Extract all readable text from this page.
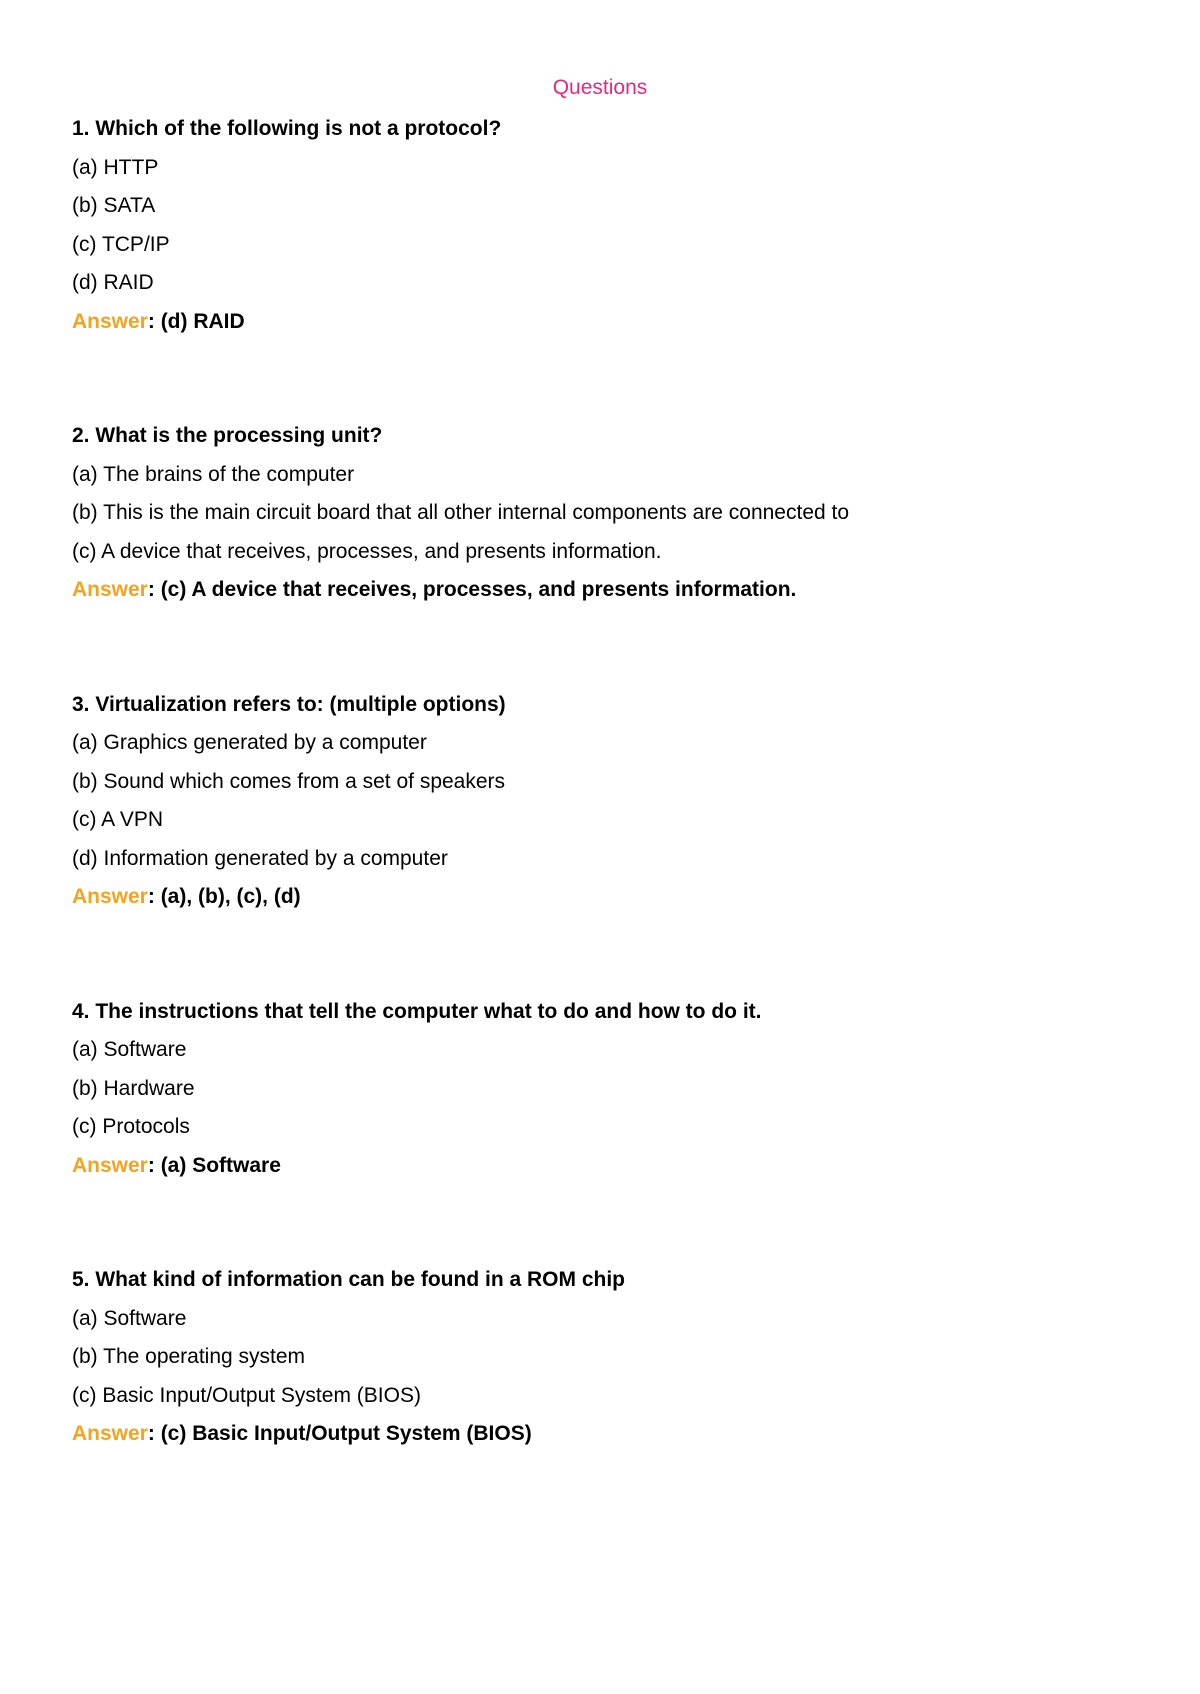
Questions
1. Which of the following is not a protocol?
(a) HTTP
(b) SATA
(c) TCP/IP
(d) RAID
Answer: (d) RAID
2. What is the processing unit?
(a) The brains of the computer
(b) This is the main circuit board that all other internal components are connected to
(c) A device that receives, processes, and presents information.
Answer: (c) A device that receives, processes, and presents information.
3. Virtualization refers to: (multiple options)
(a) Graphics generated by a computer
(b) Sound which comes from a set of speakers
(c) A VPN
(d) Information generated by a computer
Answer: (a), (b), (c), (d)
4. The instructions that tell the computer what to do and how to do it.
(a) Software
(b) Hardware
(c) Protocols
Answer: (a) Software
5. What kind of information can be found in a ROM chip
(a) Software
(b) The operating system
(c) Basic Input/Output System (BIOS)
Answer: (c) Basic Input/Output System (BIOS)
